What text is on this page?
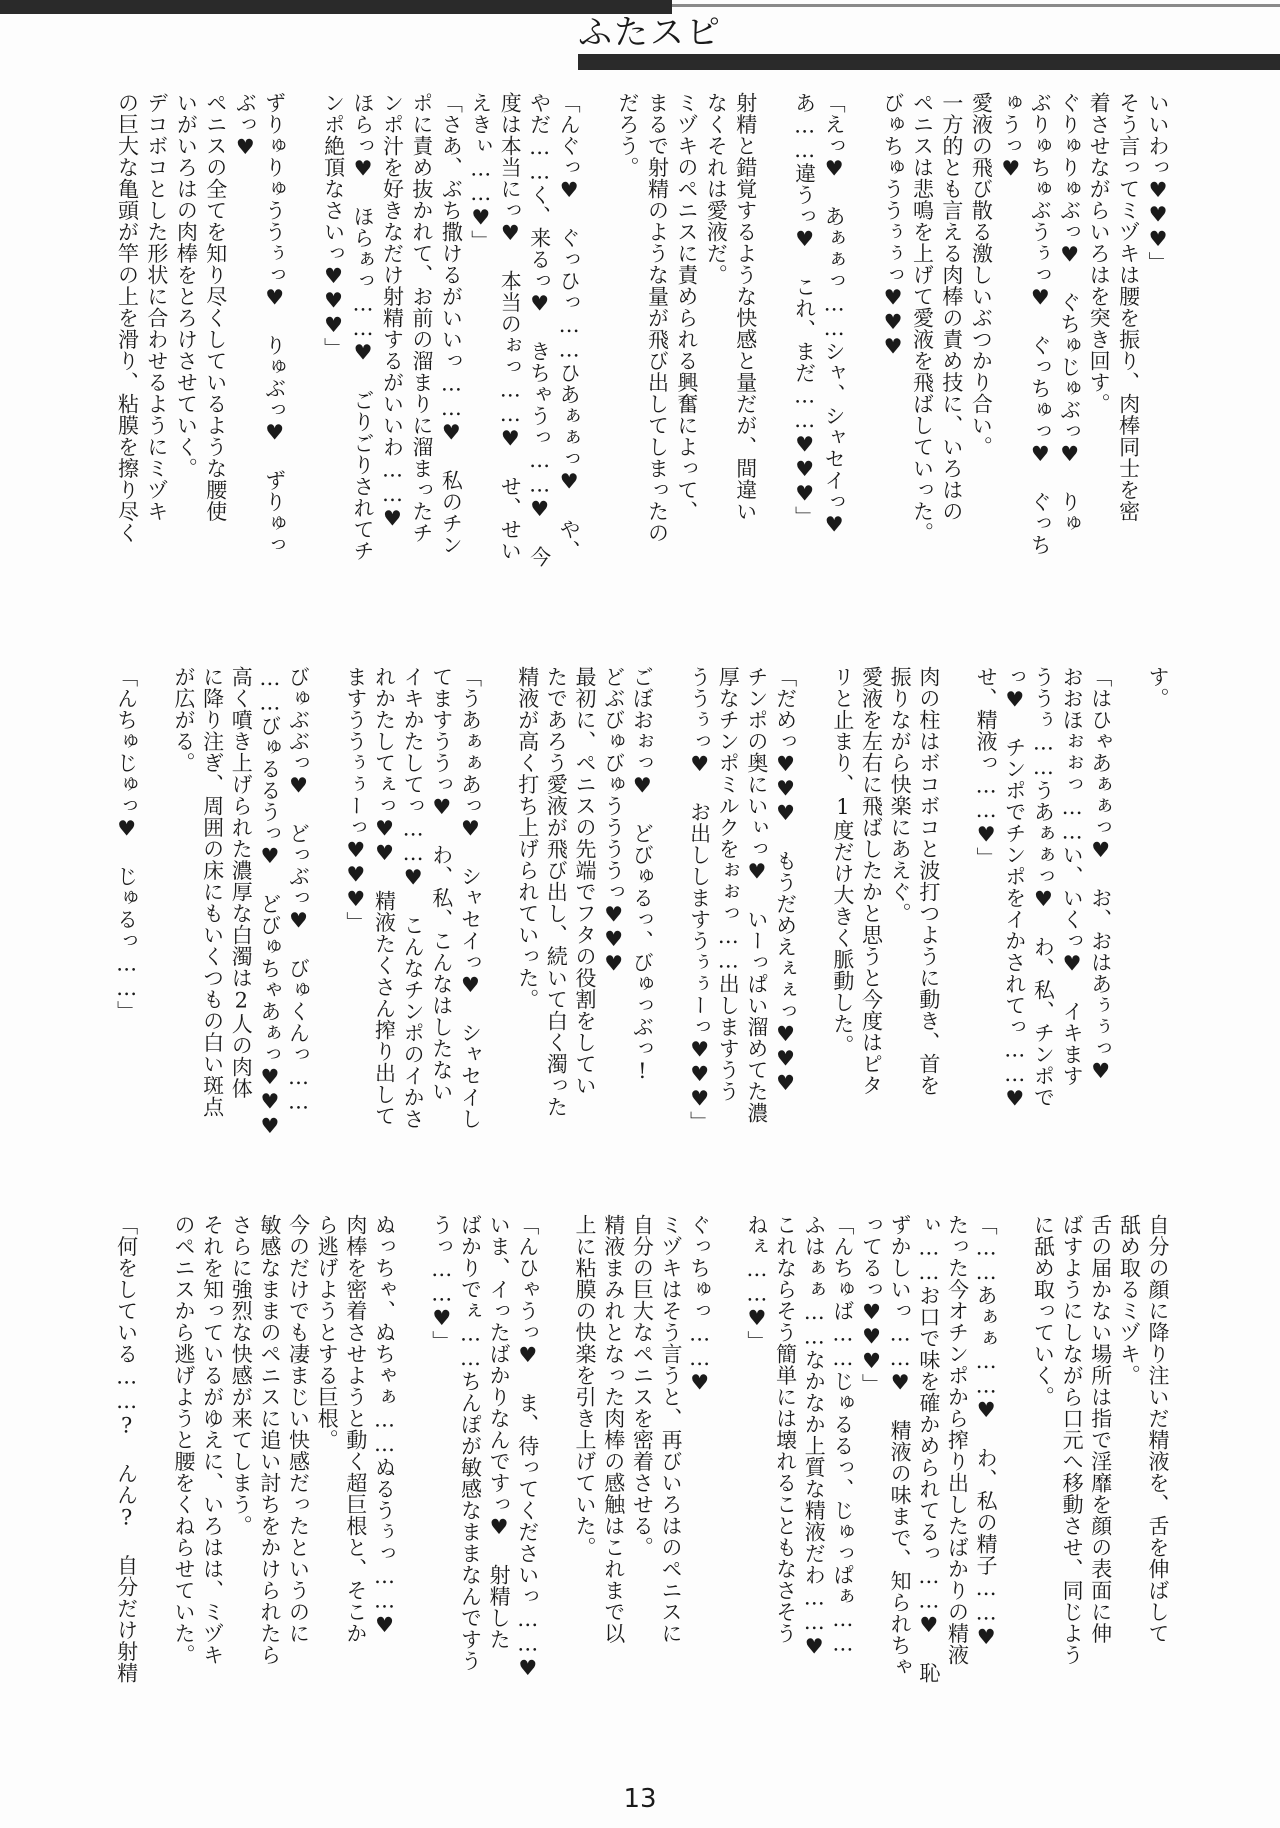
ふたスピ
いいわっ♥♥♥」
そう言ってミヅキは腰を振り、肉棒同士を密
着させながらいろはを突き回す。
ぐりゅりゅぶっ♥ ぐちゅじゅぶっ♥ りゅ
ぶりゅちゅぶうぅっ♥ ぐっちゅっ♥ ぐっち
ゅうっ♥
愛液の飛び散る激しいぶつかり合い。
一方的とも言える肉棒の責め技に、いろはの
ペニスは悲鳴を上げて愛液を飛ばしていった。
びゅちゅううぅぅっ♥♥♥
「えっ♥ あぁぁっ……シャ、シャセイっ♥
あ……違うっ♥ これ、まだ……♥♥♥」
射精と錯覚するような快感と量だが、間違い
なくそれは愛液だ。
ミヅキのペニスに責められる興奮によって、
まるで射精のような量が飛び出してしまったの
だろう。
「んぐっ♥ ぐっひっ……ひあぁぁっ♥ や、
やだ……く、来るっ♥ きちゃうっ……♥ 今
度は本当にっ♥ 本当のぉっ……♥ せ、せい
えきぃ……♥」
「さあ、ぶち撒けるがいいっ……♥ 私のチン
ポに責め抜かれて、お前の溜まりに溜まったチ
ンポ汁を好きなだけ射精するがいいわ……♥
ほらっ♥ ほらぁっ……♥ ごりごりされてチ
ンポ絶頂なさいっ♥♥♥」
ずりゅりゅううぅっ♥ りゅぶっ♥ ずりゅっ
ぶっ♥
ペニスの全てを知り尽くしているような腰使
いがいろはの肉棒をとろけさせていく。
デコボコとした形状に合わせるようにミヅキ
の巨大な亀頭が竿の上を滑り、粘膜を擦り尽く
す。
「はひゃあぁぁっ♥ お、おはあぅぅっ♥
おおほぉぉっ……い、いくっ♥ イキます
ううぅ……うあぁぁっ♥ わ、私、チンポで
っ♥ チンポでチンポをイかされてっ……♥
せ、精液っ……♥」
肉の柱はボコボコと波打つように動き、首を
振りながら快楽にあえぐ。
愛液を左右に飛ばしたかと思うと今度はピタ
リと止まり、1度だけ大きく脈動した。
「だめっ♥♥♥ もうだめえぇぇっ♥♥♥
チンポの奥にいぃっ♥ いーっぱい溜めてた濃
厚なチンポミルクをぉぉっ……出しますうう
ううぅっ♥ お出ししますうぅぅーっ♥♥♥」
ごぼおぉっ♥ どびゅるっ、びゅっぶっ!
どぶびゅびゅううううっ♥♥♥
最初に、ペニスの先端でフタの役割をしてい
たであろう愛液が飛び出し、続いて白く濁った
精液が高く打ち上げられていった。
「うあぁぁあっ♥ シャセイっ♥ シャセイし
てますううっ♥ わ、私、こんなはしたない
イキかたしてっ……♥ こんなチンポのイかさ
れかたしてぇっ♥♥ 精液たくさん搾り出して
ますううぅぅーっ♥♥♥」
びゅぶぶっ♥ どっぶっ♥ びゅくんっ……
……びゅるるうっ♥ どびゅちゃあぁっ♥♥♥
高く噴き上げられた濃厚な白濁は2人の肉体
に降り注ぎ、周囲の床にもいくつもの白い斑点
が広がる。
「んちゅじゅっ♥ じゅるっ……」
自分の顔に降り注いだ精液を、舌を伸ばして
舐め取るミヅキ。
舌の届かない場所は指で淫靡を顔の表面に伸
ばすようにしながら口元へ移動させ、同じよう
に舐め取っていく。
「……あぁぁ……♥ わ、私の精子……♥
たった今オチンポから搾り出したばかりの精液
ぃ……お口で味を確かめられてるっ……♥ 恥
ずかしいっ……♥ 精液の味まで、知られちゃ
ってるっ♥♥♥」
「んちゅば……じゅるるっ、じゅっぱぁ……
ふはぁぁ……なかなか上質な精液だわ……♥
これならそう簡単には壊れることもなさそう
ねぇ……♥」
ぐっちゅっ……♥
ミヅキはそう言うと、再びいろはのペニスに
自分の巨大なペニスを密着させる。
精液まみれとなった肉棒の感触はこれまで以
上に粘膜の快楽を引き上げていた。
「んひゃうっ♥ ま、待ってくださいっ……♥
いま、イったばかりなんですっ♥ 射精した
ばかりでぇ……ちんぽが敏感なままなんですう
うっ……♥」
ぬっちゃ、ぬちゃぁ……ぬるうぅっ……♥
肉棒を密着させようと動く超巨根と、そこか
ら逃げようとする巨根。
今のだけでも凄まじい快感だったというのに
敏感なままのペニスに追い討ちをかけられたら
さらに強烈な快感が来てしまう。
それを知っているがゆえに、いろはは、ミヅキ
のペニスから逃げようと腰をくねらせていた。
「何をしている……? んん? 自分だけ射精
13
